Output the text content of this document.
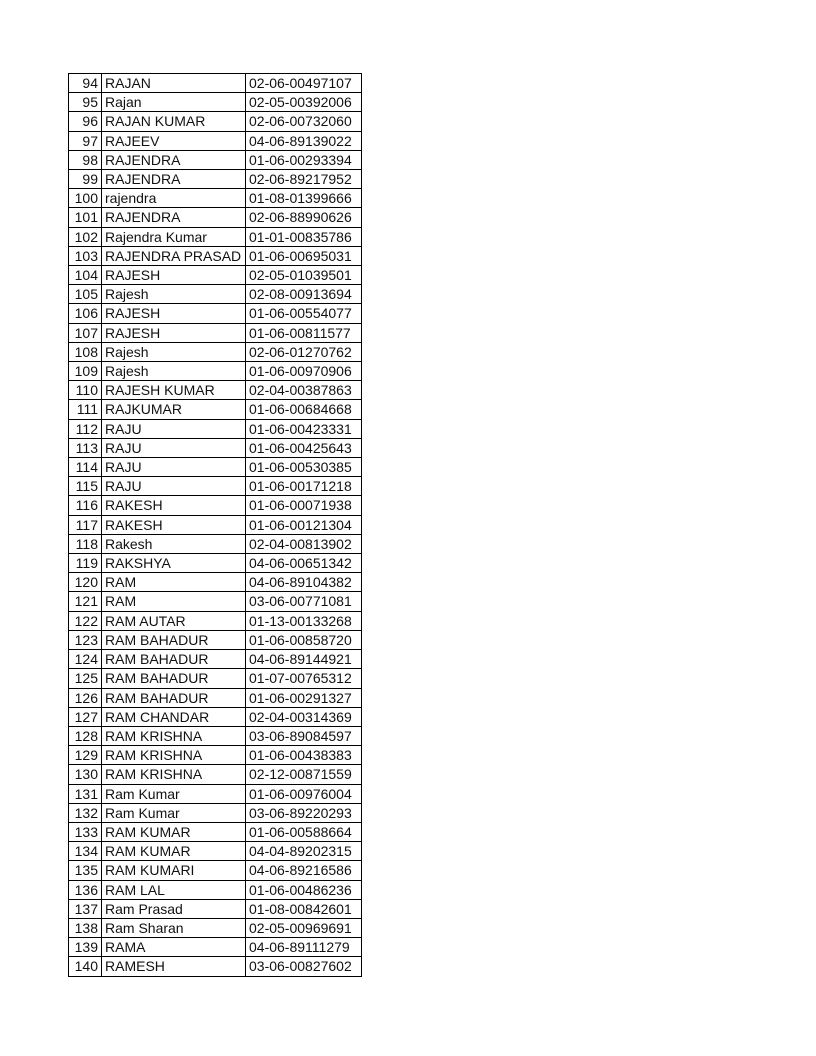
94	RAJAN	02-06-00497107
95	Rajan	02-05-00392006
96	RAJAN KUMAR	02-06-00732060
97	RAJEEV	04-06-89139022
98	RAJENDRA	01-06-00293394
99	RAJENDRA	02-06-89217952
100	rajendra	01-08-01399666
101	RAJENDRA	02-06-88990626
102	Rajendra Kumar	01-01-00835786
103	RAJENDRA PRASAD	01-06-00695031
104	RAJESH	02-05-01039501
105	Rajesh	02-08-00913694
106	RAJESH	01-06-00554077
107	RAJESH	01-06-00811577
108	Rajesh	02-06-01270762
109	Rajesh	01-06-00970906
110	RAJESH KUMAR	02-04-00387863
111	RAJKUMAR	01-06-00684668
112	RAJU	01-06-00423331
113	RAJU	01-06-00425643
114	RAJU	01-06-00530385
115	RAJU	01-06-00171218
116	RAKESH	01-06-00071938
117	RAKESH	01-06-00121304
118	Rakesh	02-04-00813902
119	RAKSHYA	04-06-00651342
120	RAM	04-06-89104382
121	RAM	03-06-00771081
122	RAM AUTAR	01-13-00133268
123	RAM BAHADUR	01-06-00858720
124	RAM BAHADUR	04-06-89144921
125	RAM BAHADUR	01-07-00765312
126	RAM BAHADUR	01-06-00291327
127	RAM CHANDAR	02-04-00314369
128	RAM KRISHNA	03-06-89084597
129	RAM KRISHNA	01-06-00438383
130	RAM KRISHNA	02-12-00871559
131	Ram Kumar	01-06-00976004
132	Ram Kumar	03-06-89220293
133	RAM KUMAR	01-06-00588664
134	RAM KUMAR	04-04-89202315
135	RAM KUMARI	04-06-89216586
136	RAM LAL	01-06-00486236
137	Ram Prasad	01-08-00842601
138	Ram Sharan	02-05-00969691
139	RAMA	04-06-89111279
140	RAMESH	03-06-00827602
